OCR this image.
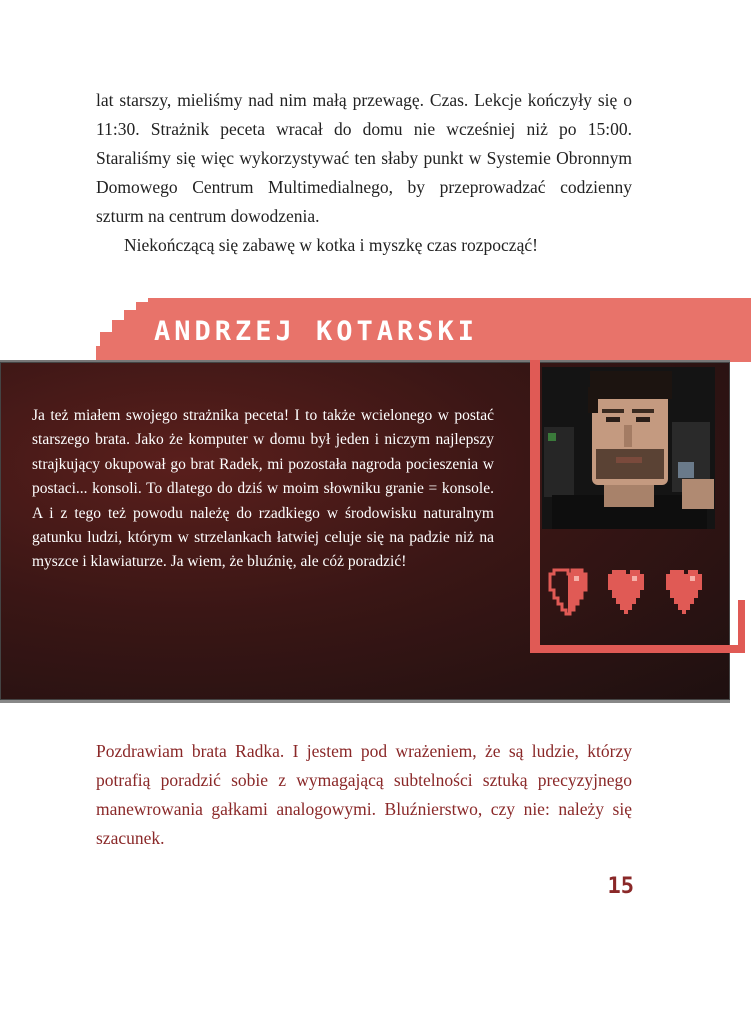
lat starszy, mieliśmy nad nim małą przewagę. Czas. Lekcje kończyły się o 11:30. Strażnik peceta wracał do domu nie wcześniej niż po 15:00. Staraliśmy się więc wykorzystywać ten słaby punkt w Systemie Obronnym Domowego Centrum Multimedialnego, by przeprowadzać codzienny szturm na centrum dowodzenia.

Niekończącą się zabawę w kotka i myszkę czas rozpocząć!

ANDRZEJ KOTARSKI
Ja też miałem swojego strażnika peceta! I to także wcielonego w postać starszego brata. Jako że komputer w domu był jeden i niczym najlepszy strajkujący okupował go brat Radek, mi pozostała nagroda pocieszenia w postaci... konsoli. To dlatego do dziś w moim słowniku granie = konsole. A i z tego też powodu należę do rzadkiego w środowisku naturalnym gatunku ludzi, którym w strzelankach łatwiej celuje się na padzie niż na myszce i klawiaturze. Ja wiem, że bluźnię, ale cóż poradzić!
Pozdrawiam brata Radka. I jestem pod wrażeniem, że są ludzie, którzy potrafią poradzić sobie z wymagającą subtelności sztuką precyzyjnego manewrowania gałkami analogowymi. Bluźnierstwo, czy nie: należy się szacunek.
15
